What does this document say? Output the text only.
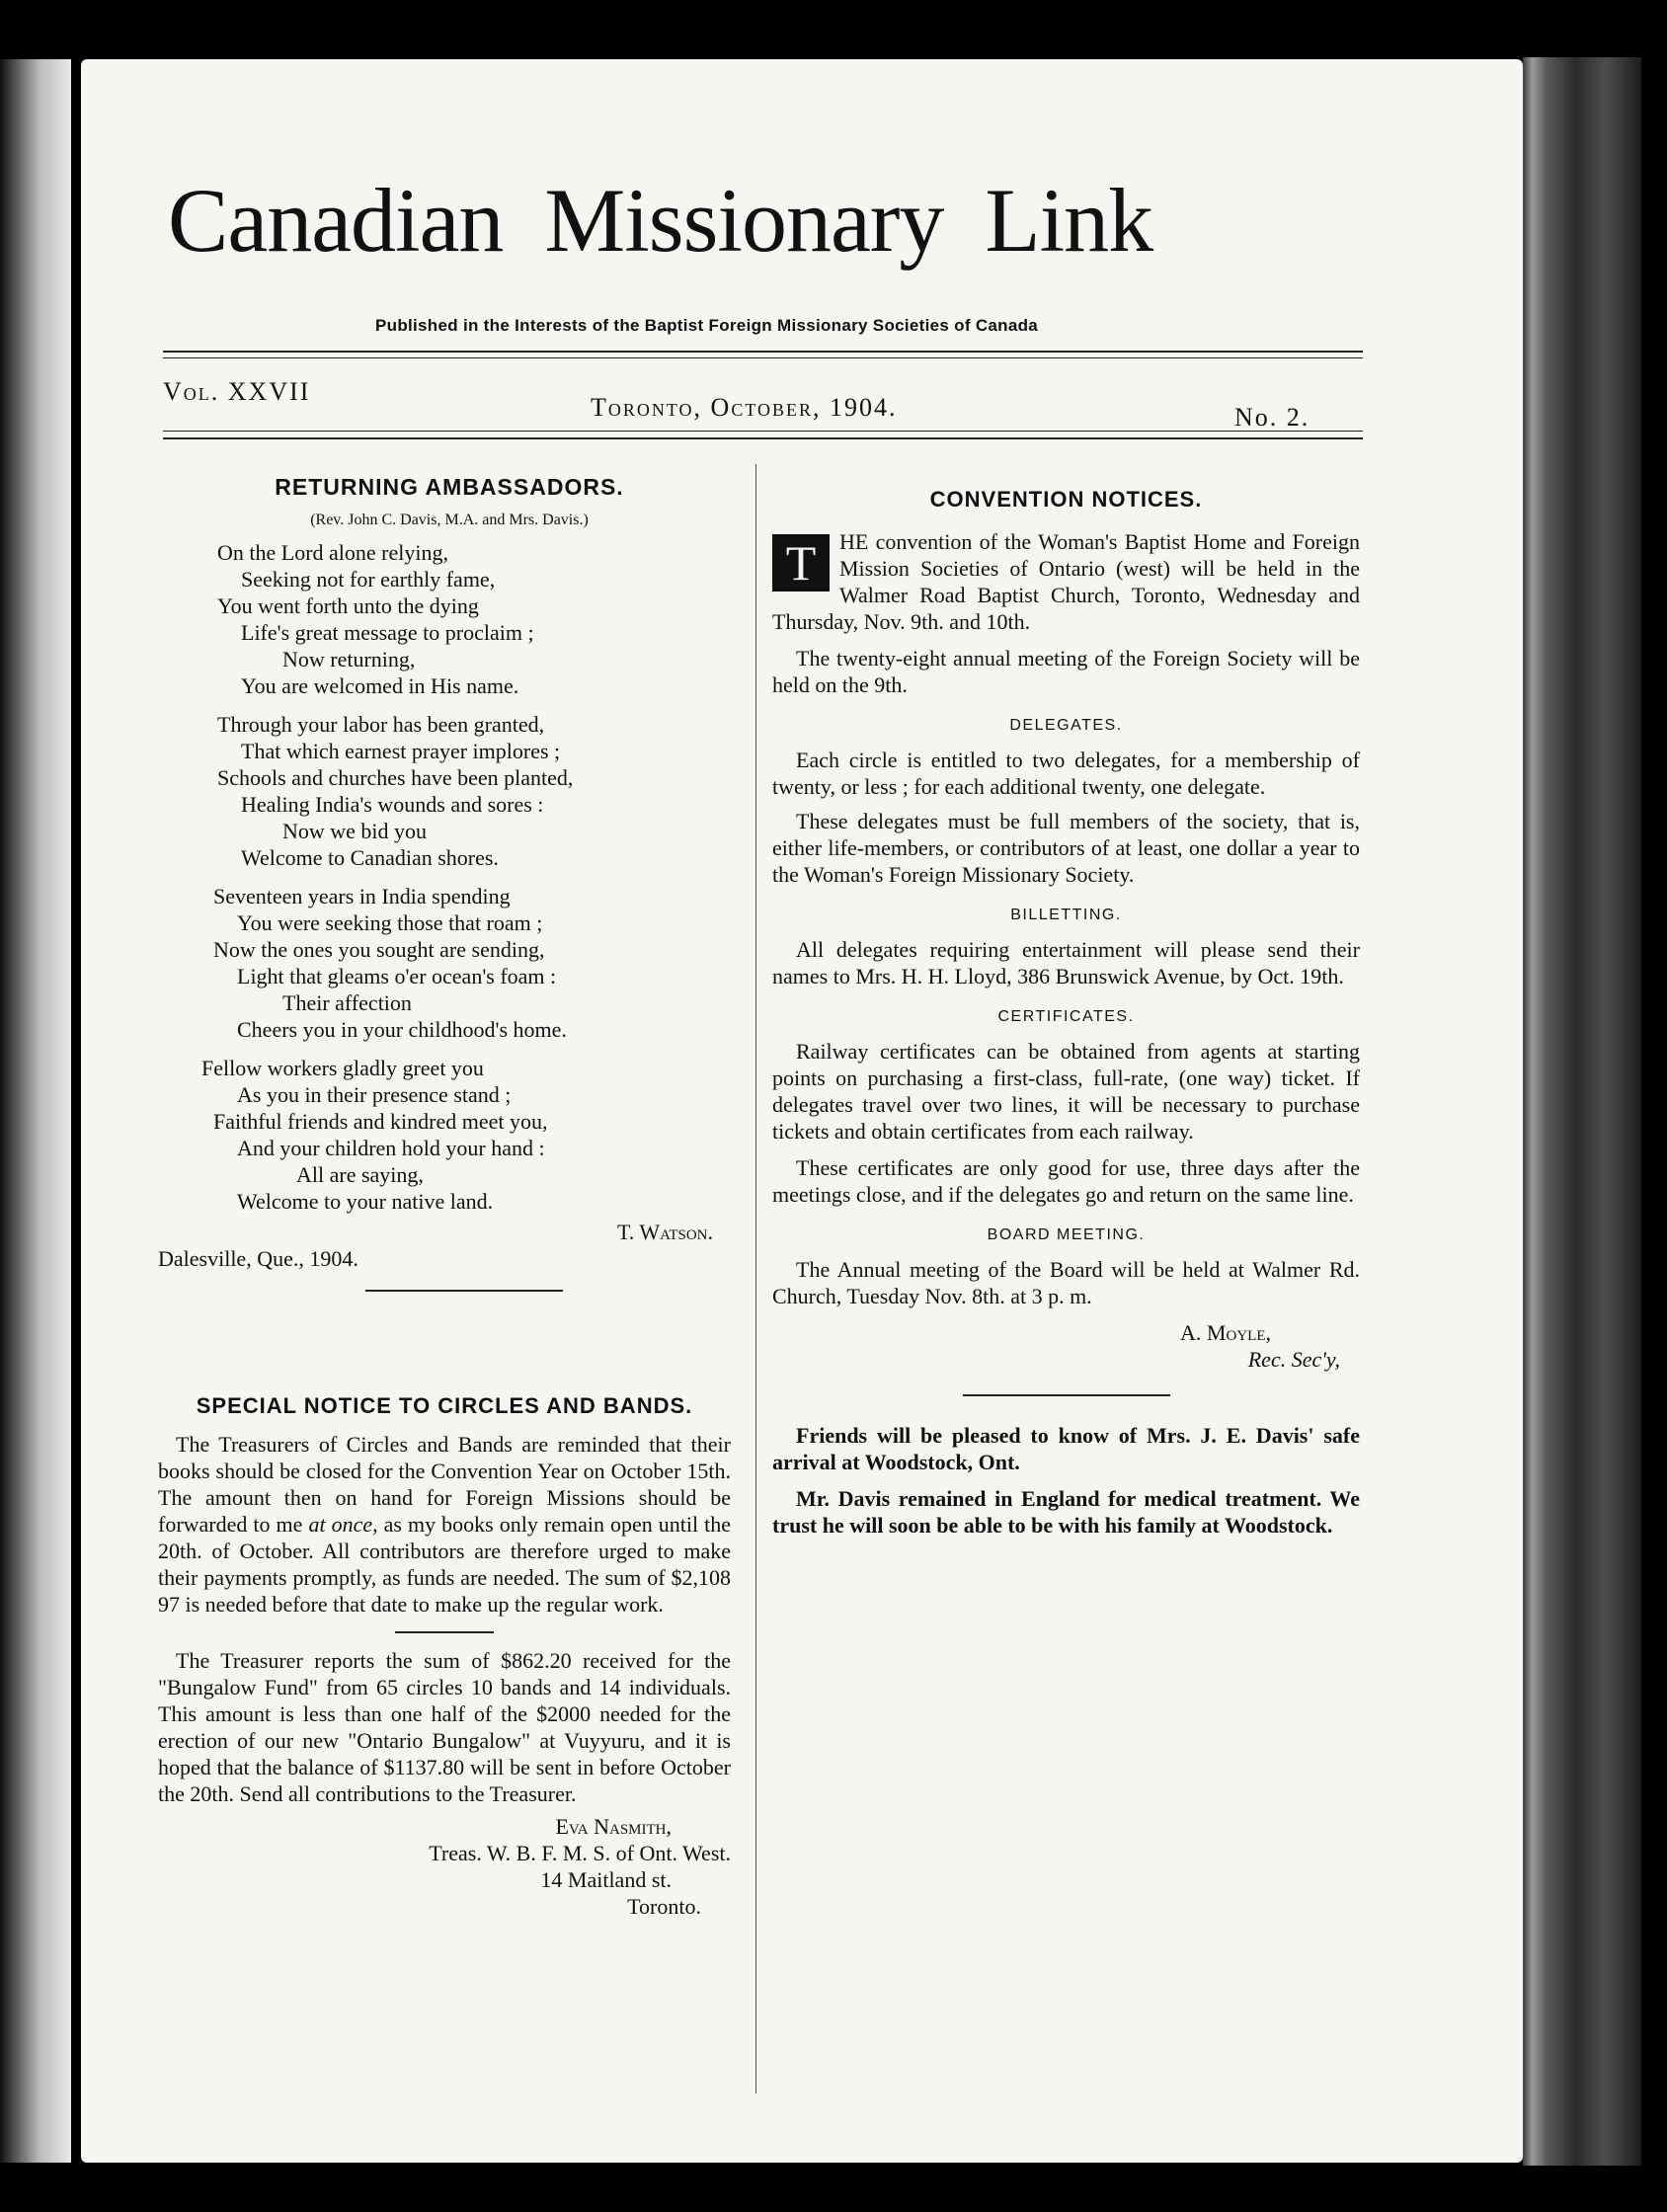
Canadian Missionary Link
Published in the Interests of the Baptist Foreign Missionary Societies of Canada
Vol. XXVII
Toronto, October, 1904.	No. 2.
RETURNING AMBASSADORS.
(Rev. John C. Davis, M.A. and Mrs. Davis.)
On the Lord alone relying,
Seeking not for earthly fame,
You went forth unto the dying
Life's great message to proclaim ;
Now returning,
You are welcomed in His name.
Through your labor has been granted,
That which earnest prayer implores ;
Schools and churches have been planted,
Healing India's wounds and sores :
Now we bid you
Welcome to Canadian shores.
Seventeen years in India spending
You were seeking those that roam ;
Now the ones you sought are sending,
Light that gleams o'er ocean's foam :
Their affection
Cheers you in your childhood's home.
Fellow workers gladly greet you
As you in their presence stand ;
Faithful friends and kindred meet you,
And your children hold your hand :
All are saying,
Welcome to your native land.
T. Watson.
Dalesville, Que., 1904.
SPECIAL NOTICE TO CIRCLES AND BANDS.

The Treasurers of Circles and Bands are reminded that their books should be closed for the Convention Year on October 15th. The amount then on hand for Foreign Missions should be forwarded to me at once, as my books only remain open until the 20th. of October. All contributors are therefore urged to make their payments promptly, as funds are needed. The sum of $2,108 97 is needed before that date to make up the regular work.

The Treasurer reports the sum of $862.20 received for the "Bungalow Fund" from 65 circles 10 bands and 14 individuals. This amount is less than one half of the $2000 needed for the erection of our new "Ontario Bungalow" at Vuyyuru, and it is hoped that the balance of $1137.80 will be sent in before October the 20th. Send all contributions to the Treasurer.

Eva Nasmith,
Treas. W. B. F. M. S. of Ont. West.
14 Maitland st.
Toronto.
CONVENTION NOTICES.

T	HE convention of the Woman's Baptist Home and Foreign Mission Societies of Ontario (west) will be held in the Walmer Road Baptist Church, Toronto, Wednesday and Thursday, Nov. 9th. and 10th.

The twenty-eight annual meeting of the Foreign Society will be held on the 9th.

DELEGATES.

Each circle is entitled to two delegates, for a membership of twenty, or less ; for each additional twenty, one delegate.

These delegates must be full members of the society, that is, either life-members, or contributors of at least, one dollar a year to the Woman's Foreign Missionary Society.

BILLETTING.

All delegates requiring entertainment will please send their names to Mrs. H. H. Lloyd, 386 Brunswick Avenue, by Oct. 19th.

CERTIFICATES.

Railway certificates can be obtained from agents at starting points on purchasing a first-class, full-rate, (one way) ticket. If delegates travel over two lines, it will be necessary to purchase tickets and obtain certificates from each railway.

These certificates are only good for use, three days after the meetings close, and if the delegates go and return on the same line.

BOARD MEETING.

The Annual meeting of the Board will be held at Walmer Rd. Church, Tuesday Nov. 8th. at 3 p. m.

A. Moyle,
Rec. Sec'y,

Friends will be pleased to know of Mrs. J. E. Davis' safe arrival at Woodstock, Ont.

Mr. Davis remained in England for medical treatment. We trust he will soon be able to be with his family at Woodstock.
